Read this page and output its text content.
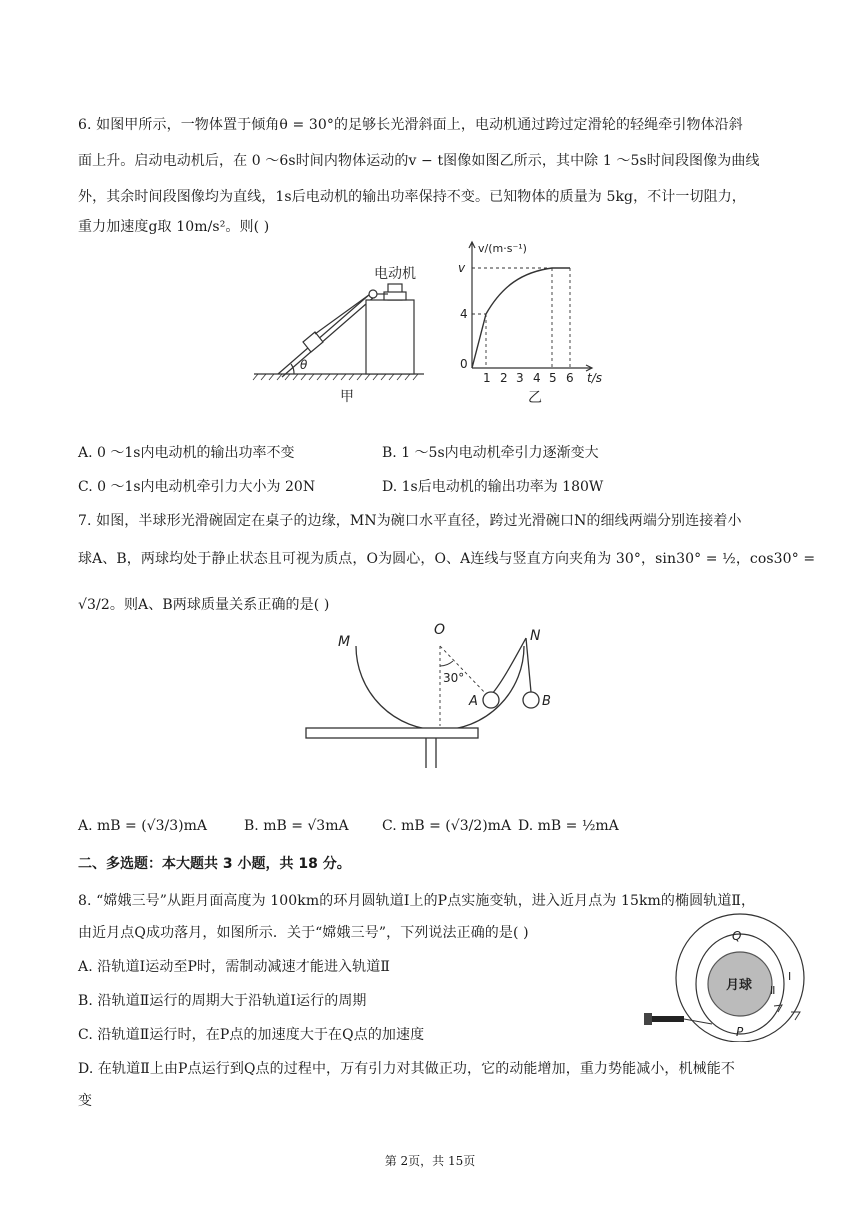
6. 如图甲所示，一物体置于倾角θ = 30°的足够长光滑斜面上，电动机通过跨过定滑轮的轻绳牵引物体沿斜
面上升。启动电动机后，在 0 ～6s时间内物体运动的v − t图像如图乙所示，其中除 1 ～5s时间段图像为曲线
外，其余时间段图像均为直线，1s后电动机的输出功率保持不变。已知物体的质量为 5kg，不计一切阻力，
重力加速度g取 10m/s²。则( )
电动机
θ
甲
v/(m·s⁻¹)
v
4
0
1 2 3 4 5 6 t/s
乙
A. 0 ～1s内电动机的输出功率不变	B. 1 ～5s内电动机牵引力逐渐变大
C. 0 ～1s内电动机牵引力大小为 20N	D. 1s后电动机的输出功率为 180W
7. 如图，半球形光滑碗固定在桌子的边缘，MN为碗口水平直径，跨过光滑碗口N的细线两端分别连接着小
球A、B，两球均处于静止状态且可视为质点，O为圆心，O、A连线与竖直方向夹角为 30°，sin30° = ½，cos30° =
√3/2。则A、B两球质量关系正确的是( )
M
O	N
30°
A	B
A. mB = (√3/3)mA	B. mB = √3mA C. mB = (√3/2)mA D. mB = ½mA
二、多选题：本大题共 3 小题，共 18 分。
8. “嫦娥三号”从距月面高度为 100km的环月圆轨道Ⅰ上的P点实施变轨，进入近月点为 15km的椭圆轨道Ⅱ，
由近月点Q成功落月，如图所示．关于“嫦娥三号”，下列说法正确的是( )
A. 沿轨道Ⅰ运动至P时，需制动减速才能进入轨道Ⅱ
B. 沿轨道Ⅱ运行的周期大于沿轨道Ⅰ运行的周期
C. 沿轨道Ⅱ运行时，在P点的加速度大于在Q点的加速度
D. 在轨道Ⅱ上由P点运行到Q点的过程中，万有引力对其做正功，它的动能增加，重力势能减小，机械能不
变
月球
Q
P
Ⅰ
Ⅱ
第 2页，共 15页
